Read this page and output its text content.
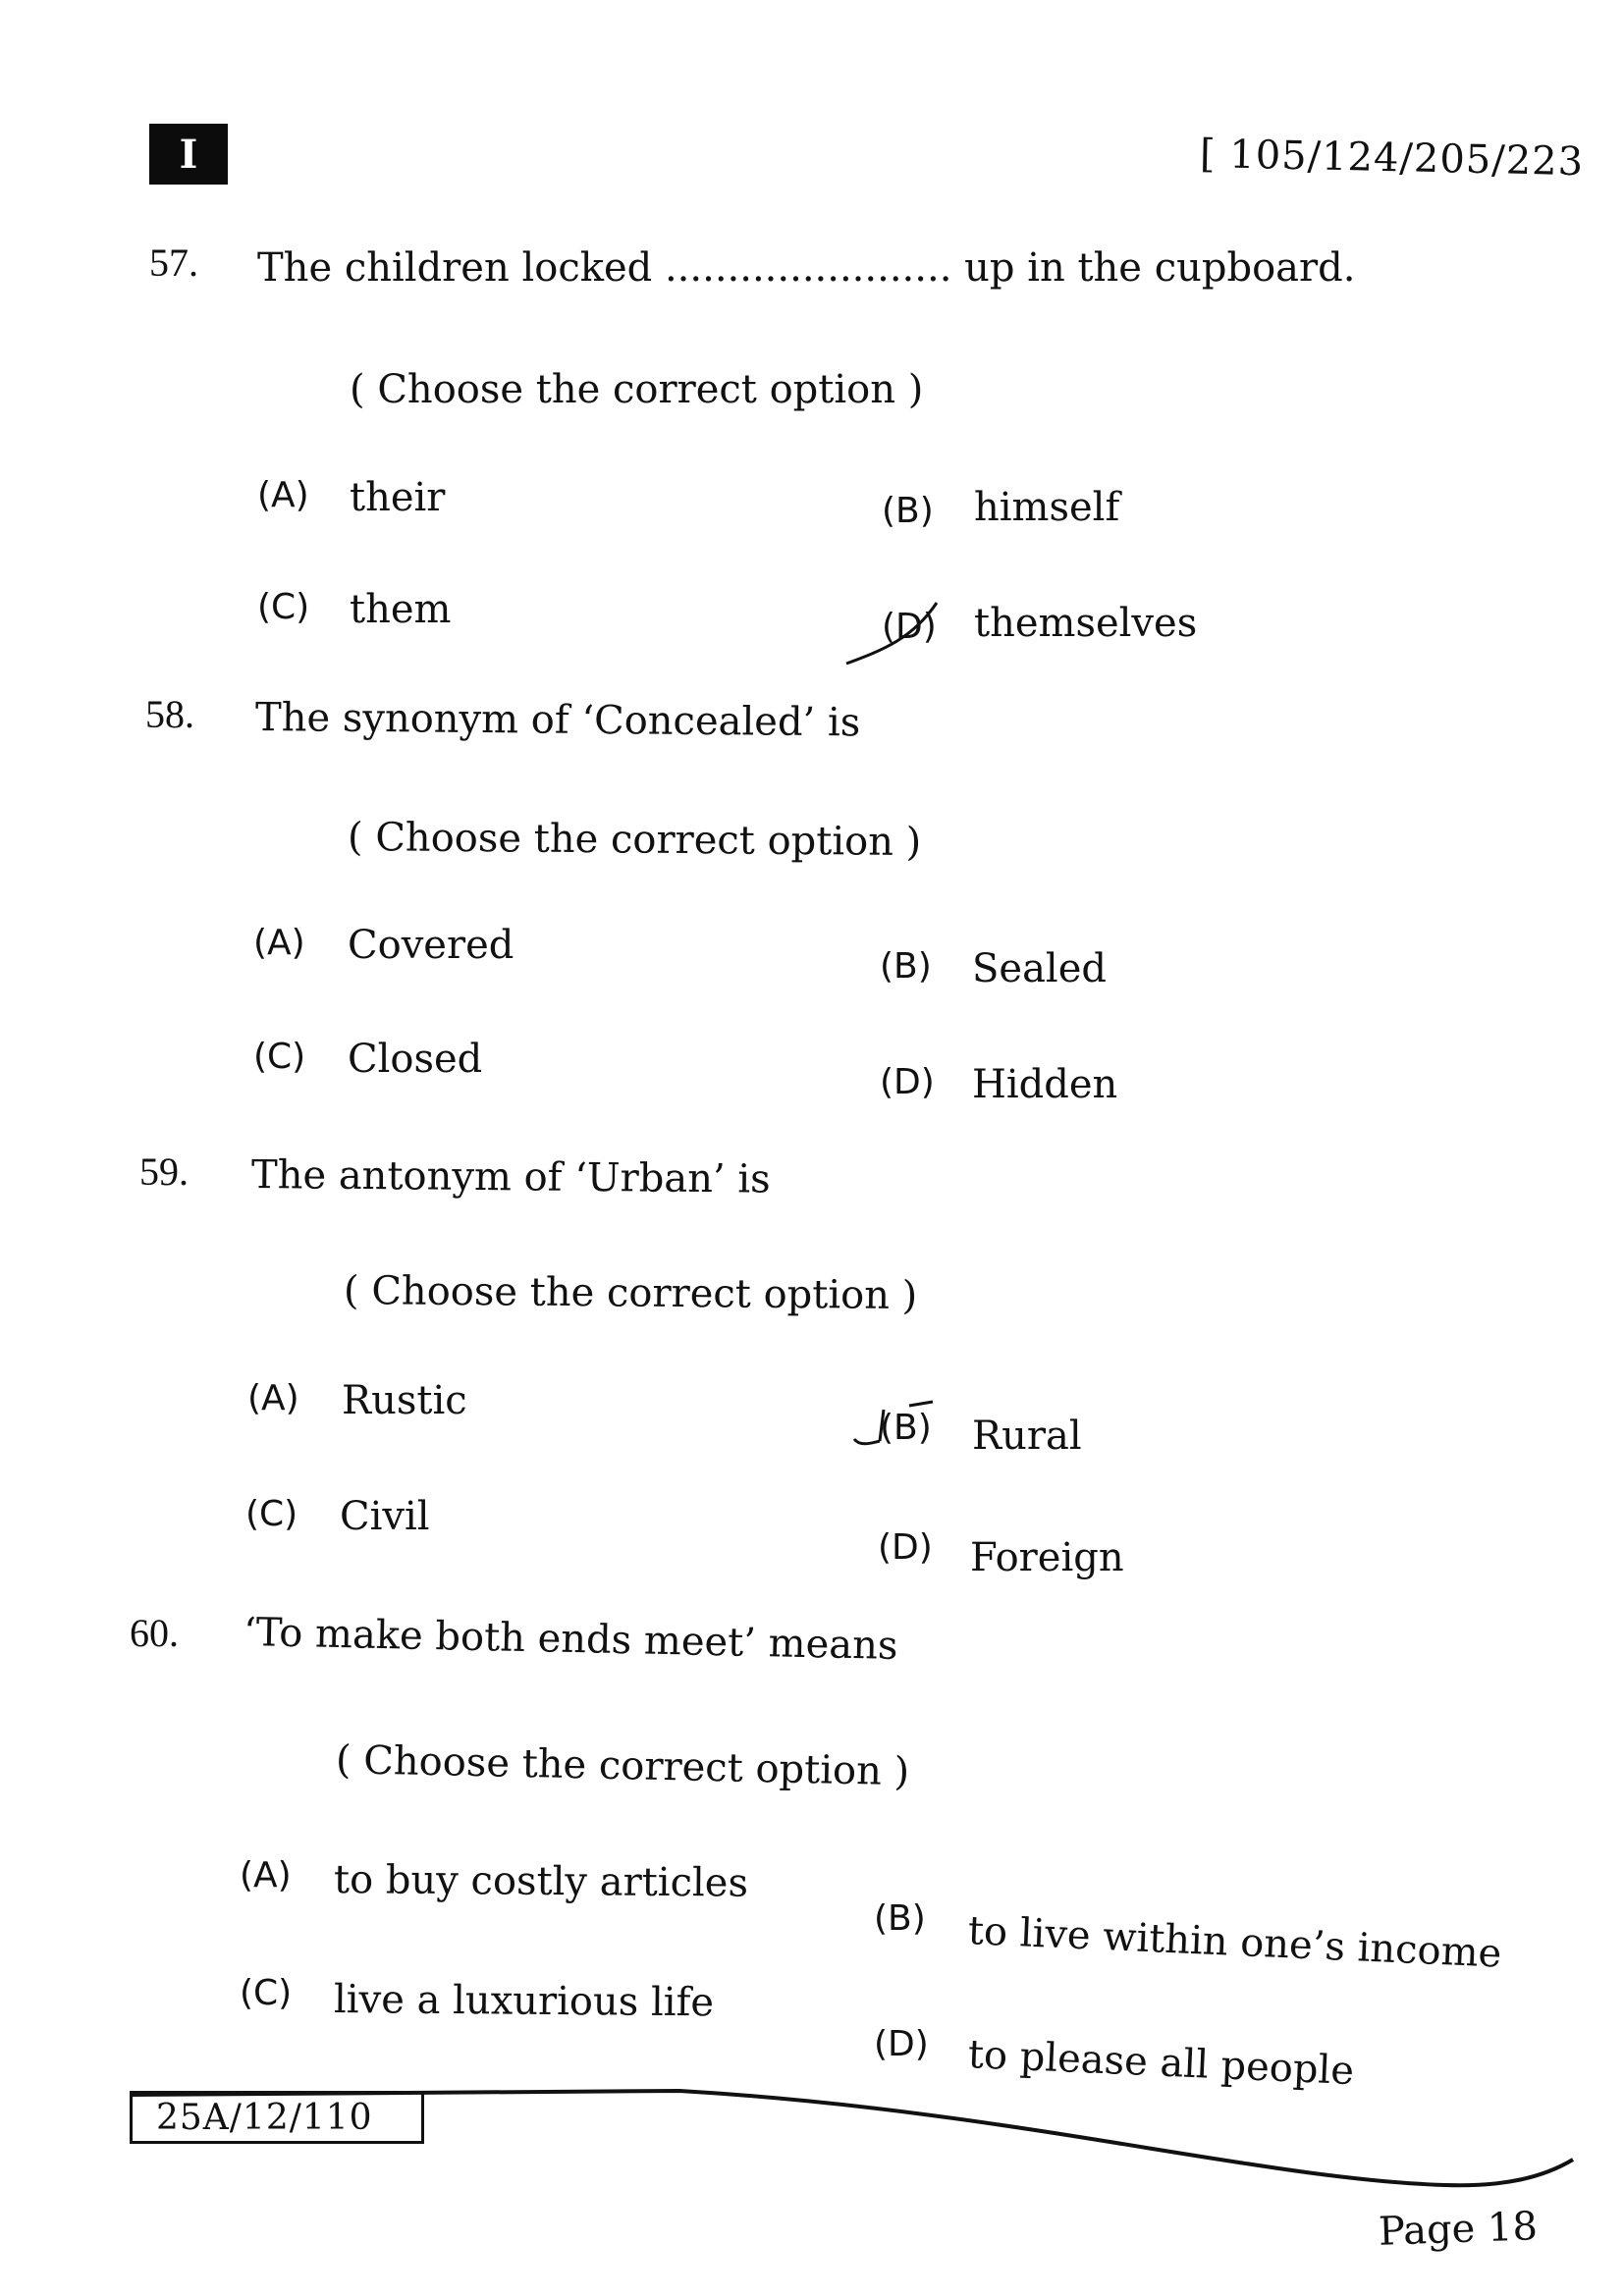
I	[ 105/124/205/223
57. The children locked ....................... up in the cupboard.
( Choose the correct option )
(A) their	(B) himself
(C) them	(D) themselves
58. The synonym of ‘Concealed’ is
( Choose the correct option )
(A) Covered	(B) Sealed
(C) Closed
(D) Hidden
59. The antonym of ‘Urban’ is
( Choose the correct option )
(A) Rustic
(B) Rural
(C) Civil
(D) Foreign
60. ‘To make both ends meet’ means
( Choose the correct option )
(A) to buy costly articles
(B) to live within one’s income
(C) live a luxurious life
(D) to please all people
25A/12/110
Page 18
